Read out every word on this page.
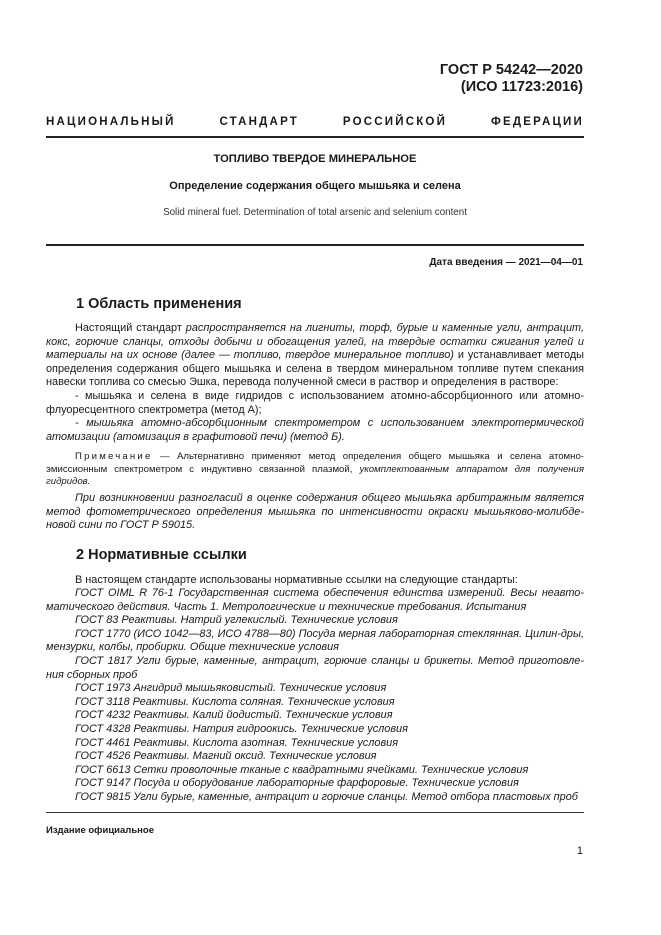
ГОСТ Р 54242—2020
(ИСО 11723:2016)
НАЦИОНАЛЬНЫЙ	СТАНДАРТ	РОССИЙСКОЙ	ФЕДЕРАЦИИ
ТОПЛИВО ТВЕРДОЕ МИНЕРАЛЬНОЕ
Определение содержания общего мышьяка и селена
Solid mineral fuel. Determination of total arsenic and selenium content
Дата введения — 2021—04—01
1 Область применения
Настоящий стандарт распространяется на лигниты, торф, бурые и каменные угли, антрацит, кокс, горючие сланцы, отходы добычи и обогащения углей, на твердые остатки сжигания углей и материалы на их основе (далее — топливо, твердое минеральное топливо) и устанавливает методы определения содержания общего мышьяка и селена в твердом минеральном топливе путем спекания навески топлива со смесью Эшка, перевода полученной смеси в раствор и определения в растворе:
- мышьяка и селена в виде гидридов с использованием атомно-абсорбционного или атомно-флуоресцентного спектрометра (метод А);
- мышьяка атомно-абсорбционным спектрометром с использованием электротермической атомизации (атомизация в графитовой печи) (метод Б).
Примечание — Альтернативно применяют метод определения общего мышьяка и селена атомно-эмиссионным спектрометром с индуктивно связанной плазмой, укомплектованным аппаратом для получения гидридов.
При возникновении разногласий в оценке содержания общего мышьяка арбитражным является метод фотометрического определения мышьяка по интенсивности окраски мышьяково-молибде-новой сини по ГОСТ Р 59015.
2 Нормативные ссылки
В настоящем стандарте использованы нормативные ссылки на следующие стандарты:
ГОСТ OIML R 76-1 Государственная система обеспечения единства измерений. Весы неавто-матического действия. Часть 1. Метрологические и технические требования. Испытания
ГОСТ 83 Реактивы. Натрий углекислый. Технические условия
ГОСТ 1770 (ИСО 1042—83, ИСО 4788—80) Посуда мерная лабораторная стеклянная. Цилин-дры, мензурки, колбы, пробирки. Общие технические условия
ГОСТ 1817 Угли бурые, каменные, антрацит, горючие сланцы и брикеты. Метод приготовле-ния сборных проб
ГОСТ 1973 Ангидрид мышьяковистый. Технические условия
ГОСТ 3118 Реактивы. Кислота соляная. Технические условия
ГОСТ 4232 Реактивы. Калий йодистый. Технические условия
ГОСТ 4328 Реактивы. Натрия гидроокись. Технические условия
ГОСТ 4461 Реактивы. Кислота азотная. Технические условия
ГОСТ 4526 Реактивы. Магний оксид. Технические условия
ГОСТ 6613 Сетки проволочные тканые с квадратными ячейками. Технические условия
ГОСТ 9147 Посуда и оборудование лабораторные фарфоровые. Технические условия
ГОСТ 9815 Угли бурые, каменные, антрацит и горючие сланцы. Метод отбора пластовых проб
Издание официальное
1
